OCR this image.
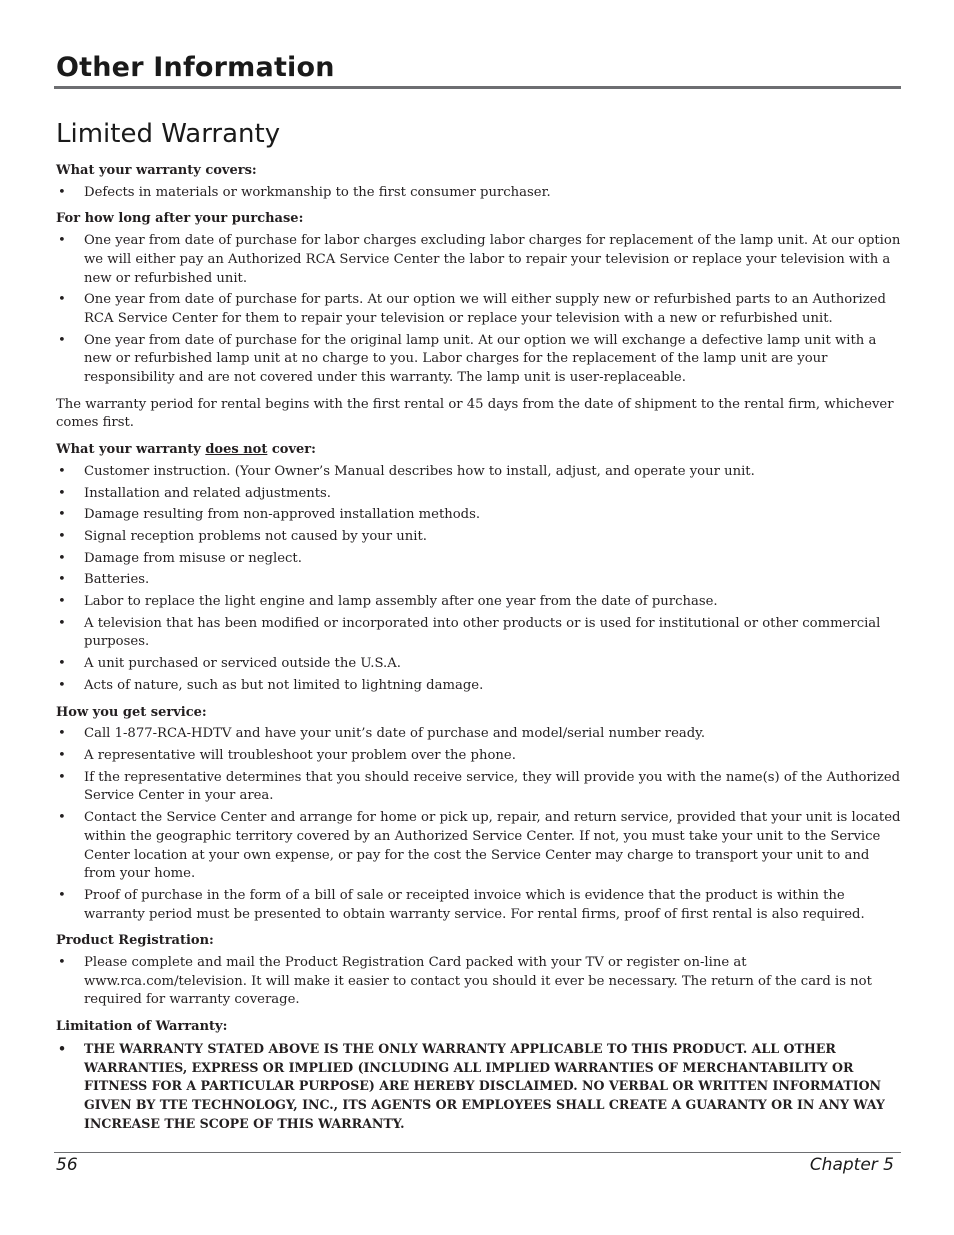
Other Information
Limited Warranty

What your warranty covers:

• Defects in materials or workmanship to the first consumer purchaser.

For how long after your purchase:

• One year from date of purchase for labor charges excluding labor charges for replacement of the lamp unit. At our option we will either pay an Authorized RCA Service Center the labor to repair your television or replace your television with a new or refurbished unit.
• One year from date of purchase for parts. At our option we will either supply new or refurbished parts to an Authorized RCA Service Center for them to repair your television or replace your television with a new or refurbished unit.
• One year from date of purchase for the original lamp unit. At our option we will exchange a defective lamp unit with a new or refurbished lamp unit at no charge to you. Labor charges for the replacement of the lamp unit are your responsibility and are not covered under this warranty. The lamp unit is user-replaceable.

The warranty period for rental begins with the first rental or 45 days from the date of shipment to the rental firm, whichever comes first.

What your warranty does not cover:

• Customer instruction. (Your Owner’s Manual describes how to install, adjust, and operate your unit.
• Installation and related adjustments.
• Damage resulting from non-approved installation methods.
• Signal reception problems not caused by your unit.
• Damage from misuse or neglect.
• Batteries.
• Labor to replace the light engine and lamp assembly after one year from the date of purchase.
• A television that has been modified or incorporated into other products or is used for institutional or other commercial purposes.
• A unit purchased or serviced outside the U.S.A.
• Acts of nature, such as but not limited to lightning damage.

How you get service:

• Call 1-877-RCA-HDTV and have your unit’s date of purchase and model/serial number ready.
• A representative will troubleshoot your problem over the phone.
• If the representative determines that you should receive service, they will provide you with the name(s) of the Authorized Service Center in your area.
• Contact the Service Center and arrange for home or pick up, repair, and return service, provided that your unit is located within the geographic territory covered by an Authorized Service Center. If not, you must take your unit to the Service Center location at your own expense, or pay for the cost the Service Center may charge to transport your unit to and from your home.
• Proof of purchase in the form of a bill of sale or receipted invoice which is evidence that the product is within the warranty period must be presented to obtain warranty service. For rental firms, proof of first rental is also required.

Product Registration:

• Please complete and mail the Product Registration Card packed with your TV or register on-line at www.rca.com/television. It will make it easier to contact you should it ever be necessary. The return of the card is not required for warranty coverage.

Limitation of Warranty:

• THE WARRANTY STATED ABOVE IS THE ONLY WARRANTY APPLICABLE TO THIS PRODUCT. ALL OTHER WARRANTIES, EXPRESS OR IMPLIED (INCLUDING ALL IMPLIED WARRANTIES OF MERCHANTABILITY OR FITNESS FOR A PARTICULAR PURPOSE) ARE HEREBY DISCLAIMED. NO VERBAL OR WRITTEN INFORMATION GIVEN BY TTE TECHNOLOGY, INC., ITS AGENTS OR EMPLOYEES SHALL CREATE A GUARANTY OR IN ANY WAY INCREASE THE SCOPE OF THIS WARRANTY.
56	Chapter 5
